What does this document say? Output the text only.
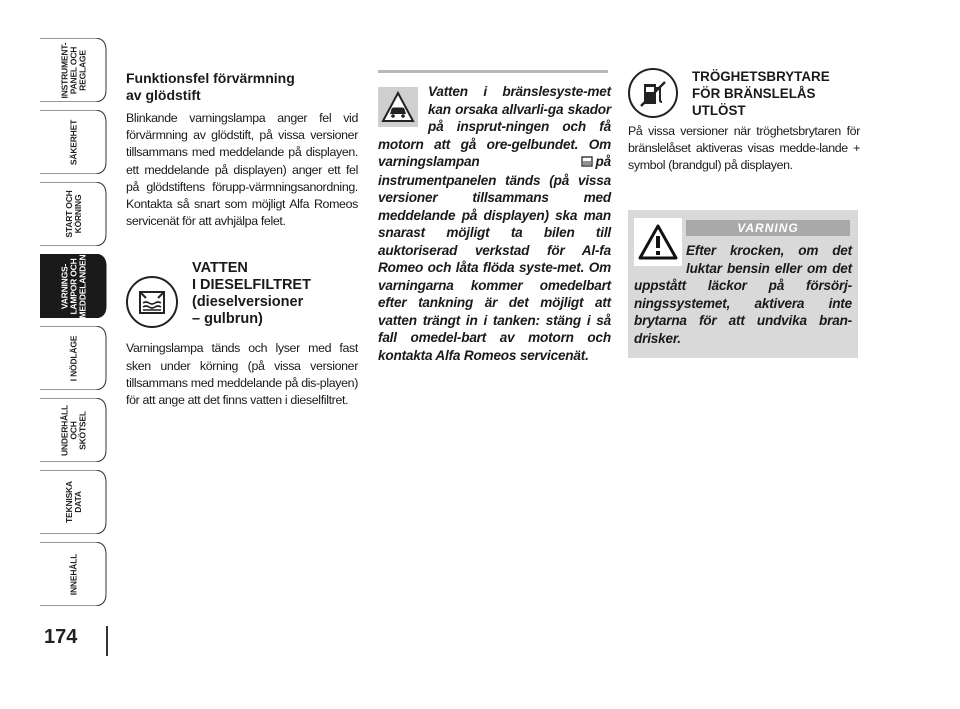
INSTRUMENT-
PANEL OCH
REGLAGE
SÄKERHET
START OCH
KÖRNING
VARNINGS-
LAMPOR OCH
MEDDELANDEN
I NÖDLÄGE
UNDERHÅLL
OCH SKÖTSEL
TEKNISKA DATA
INNEHÅLL
174

Funktionsfel förvärmning
av glödstift

Blinkande varningslampa anger fel vid förvärmning av glödstift, på vissa versioner tillsammans med meddelande på displayen. ett meddelande på displayen) anger ett fel på glödstiftens förupp-värmningsanordning. Kontakta så snart som möjligt Alfa Romeos servicenät för att avhjälpa felet.

VATTEN
I DIESELFILTRET
(dieselversioner
– gulbrun)

Varningslampa tänds och lyser med fast sken under körning (på vissa versioner tillsammans med meddelande på dis-playen) för att ange att det finns vatten i dieselfiltret.

Vatten i bränslesyste-met kan orsaka allvarli-ga skador på insprut-ningen och få motorn att gå ore-gelbundet. Om varningslampan	på instrumentpanelen tänds (på vissa versioner tillsammans med meddelande på displayen) ska man snarast möjligt ta bilen till auktoriserad verkstad för Al-fa Romeo och låta flöda syste-met. Om varningarna kommer omedelbart efter tankning är det möjligt att vatten trängt in i tanken: stäng i så fall omedel-bart av motorn och kontakta Alfa Romeos servicenät.

TRÖGHETSBRYTARE
FÖR BRÄNSLELÅS
UTLÖST

På vissa versioner när tröghetsbrytaren för bränslelåset aktiveras visas medde-lande + symbol (brandgul) på displayen.

VARNING

Efter krocken, om det luktar bensin eller om det uppstått läckor på försörj-ningssystemet, aktivera inte brytarna för att undvika bran-drisker.
